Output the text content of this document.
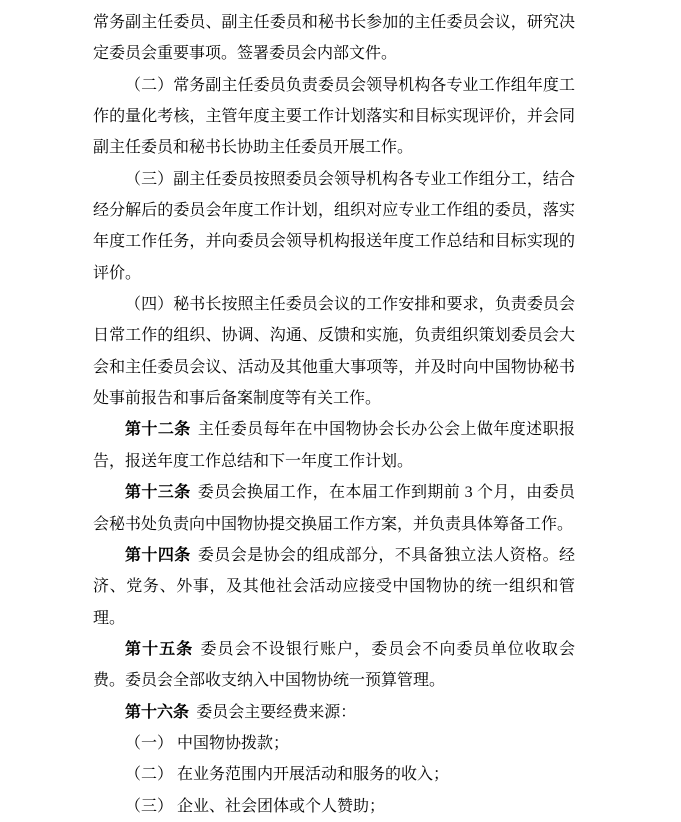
常务副主任委员、副主任委员和秘书长参加的主任委员会议，研究决定委员会重要事项。签署委员会内部文件。

（二）常务副主任委员负责委员会领导机构各专业工作组年度工作的量化考核，主管年度主要工作计划落实和目标实现评价，并会同副主任委员和秘书长协助主任委员开展工作。

（三）副主任委员按照委员会领导机构各专业工作组分工，结合经分解后的委员会年度工作计划，组织对应专业工作组的委员，落实年度工作任务，并向委员会领导机构报送年度工作总结和目标实现的评价。

（四）秘书长按照主任委员会议的工作安排和要求，负责委员会日常工作的组织、协调、沟通、反馈和实施，负责组织策划委员会大会和主任委员会议、活动及其他重大事项等，并及时向中国物协秘书处事前报告和事后备案制度等有关工作。

第十二条 主任委员每年在中国物协会长办公会上做年度述职报告，报送年度工作总结和下一年度工作计划。

第十三条 委员会换届工作，在本届工作到期前 3 个月，由委员会秘书处负责向中国物协提交换届工作方案，并负责具体筹备工作。

第十四条 委员会是协会的组成部分，不具备独立法人资格。经济、党务、外事，及其他社会活动应接受中国物协的统一组织和管理。

第十五条 委员会不设银行账户，委员会不向委员单位收取会费。委员会全部收支纳入中国物协统一预算管理。

第十六条 委员会主要经费来源：

（一） 中国物协拨款；

（二） 在业务范围内开展活动和服务的收入；

（三） 企业、社会团体或个人赞助；
